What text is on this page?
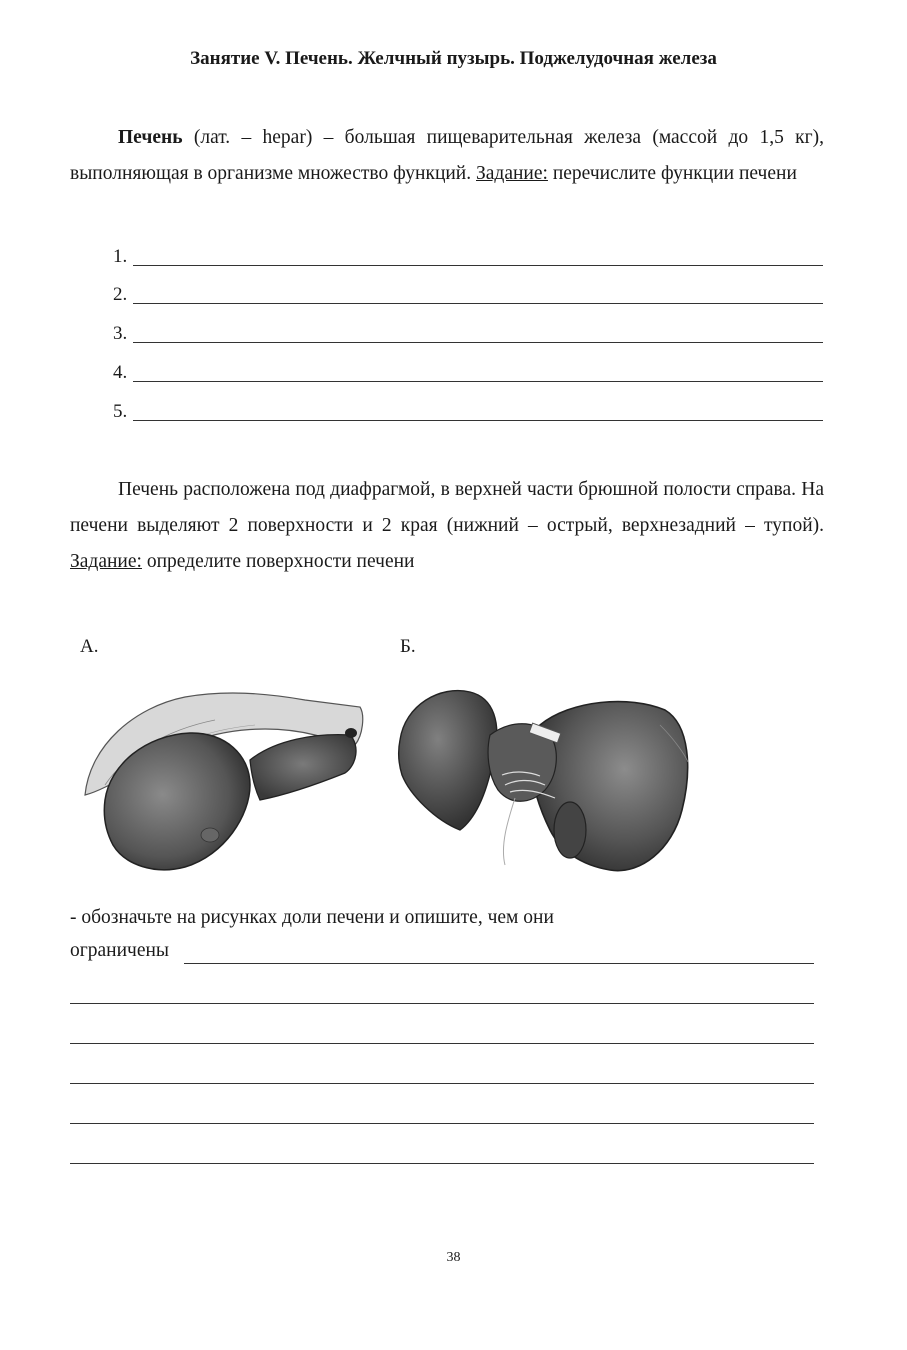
Занятие V. Печень. Желчный пузырь. Поджелудочная железа
Печень (лат. – hepar) – большая пищеварительная железа (массой до 1,5 кг), выполняющая в организме множество функций. Задание: перечислите функции печени
1.
2.
3.
4.
5.
Печень расположена под диафрагмой, в верхней части брюшной полости справа. На печени выделяют 2 поверхности и 2 края (нижний – острый, верхнезадний – тупой). Задание: определите поверхности печени
А.	Б.
- обозначьте на рисунках доли печени и опишите, чем они
ограничены
38
